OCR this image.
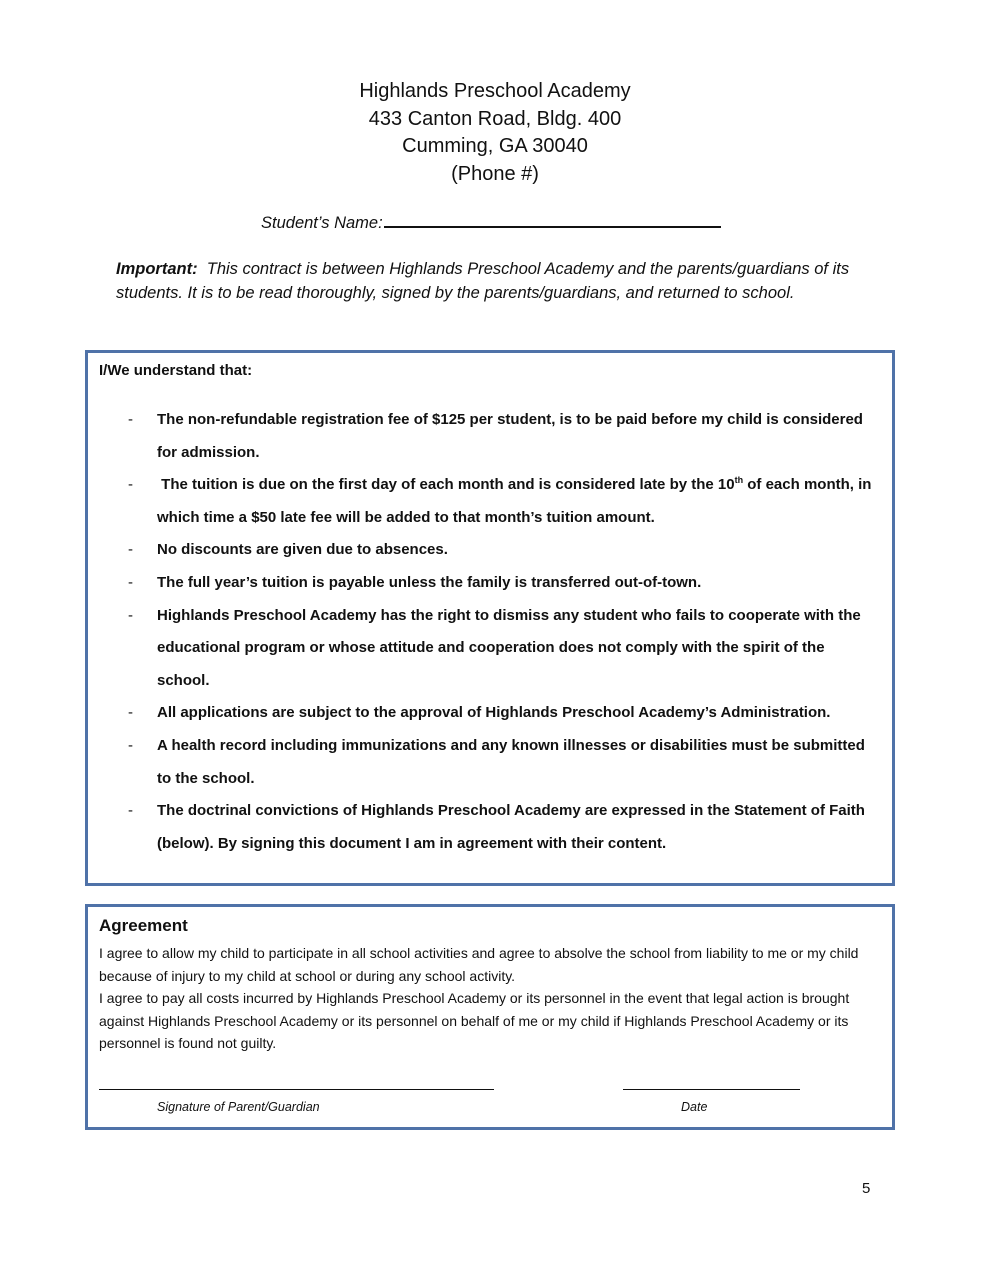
Highlands Preschool Academy
433 Canton Road, Bldg. 400
Cumming, GA 30040
(Phone #)
Student’s Name:
Important: This contract is between Highlands Preschool Academy and the parents/guardians of its students. It is to be read thoroughly, signed by the parents/guardians, and returned to school.
I/We understand that:
- The non-refundable registration fee of $125 per student, is to be paid before my child is considered for admission.
- The tuition is due on the first day of each month and is considered late by the 10th of each month, in which time a $50 late fee will be added to that month’s tuition amount.
- No discounts are given due to absences.
- The full year’s tuition is payable unless the family is transferred out-of-town.
- Highlands Preschool Academy has the right to dismiss any student who fails to cooperate with the educational program or whose attitude and cooperation does not comply with the spirit of the school.
- All applications are subject to the approval of Highlands Preschool Academy’s Administration.
- A health record including immunizations and any known illnesses or disabilities must be submitted to the school.
- The doctrinal convictions of Highlands Preschool Academy are expressed in the Statement of Faith (below). By signing this document I am in agreement with their content.
Agreement

I agree to allow my child to participate in all school activities and agree to absolve the school from liability to me or my child because of injury to my child at school or during any school activity.

I agree to pay all costs incurred by Highlands Preschool Academy or its personnel in the event that legal action is brought against Highlands Preschool Academy or its personnel on behalf of me or my child if Highlands Preschool Academy or its personnel is found not guilty.

Signature of Parent/Guardian	Date
5
